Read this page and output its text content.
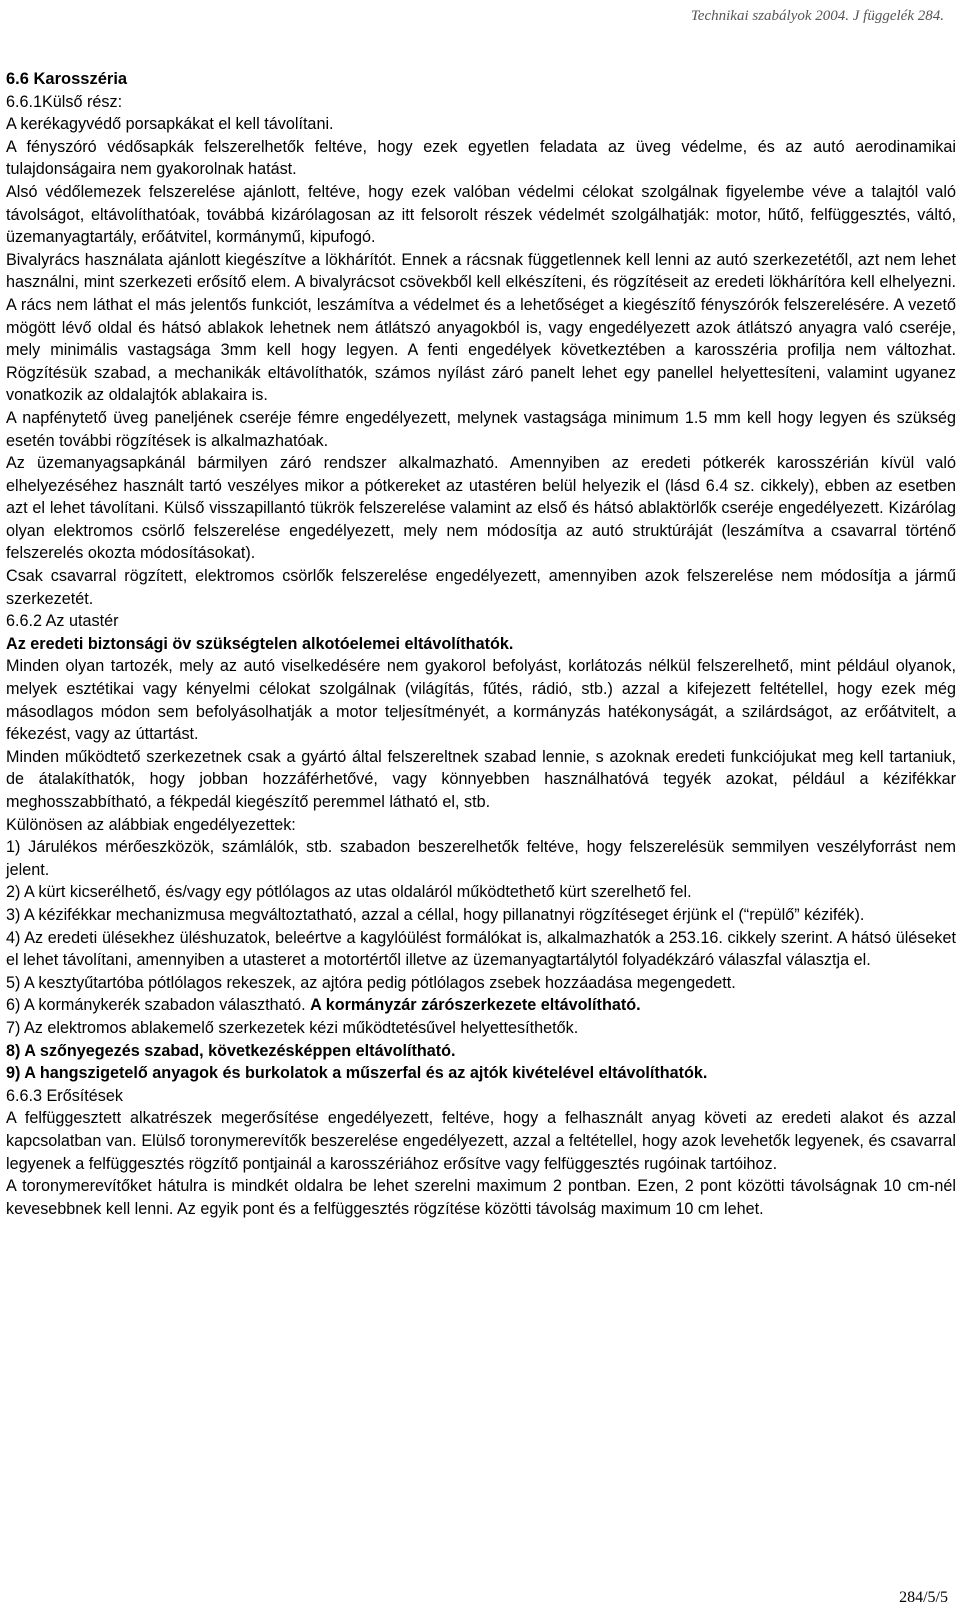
Technikai szabályok 2004. J függelék 284.

6.6 Karosszéria

6.6.1Külső rész:

A kerékagyvédő porsapkákat el kell távolítani.

A fényszóró védősapkák felszerelhetők feltéve, hogy ezek egyetlen feladata az üveg védelme, és az autó aerodinamikai tulajdonságaira nem gyakorolnak hatást.

Alsó védőlemezek felszerelése ajánlott, feltéve, hogy ezek valóban védelmi célokat szolgálnak figyelembe véve a talajtól való távolságot, eltávolíthatóak, továbbá kizárólagosan az itt felsorolt részek védelmét szolgálhatják: motor, hűtő, felfüggesztés, váltó, üzemanyagtartály, erőátvitel, kormánymű, kipufogó.

Bivalyrács használata ajánlott kiegészítve a lökhárítót. Ennek a rácsnak függetlennek kell lenni az autó szerkezetétől, azt nem lehet használni, mint szerkezeti erősítő elem. A bivalyrácsot csövekből kell elkészíteni, és rögzítéseit az eredeti lökhárítóra kell elhelyezni. A rács nem láthat el más jelentős funkciót, leszámítva a védelmet és a lehetőséget a kiegészítő fényszórók felszerelésére. A vezető mögött lévő oldal és hátsó ablakok lehetnek nem átlátszó anyagokból is, vagy engedélyezett azok átlátszó anyagra való cseréje, mely minimális vastagsága 3mm kell hogy legyen. A fenti engedélyek következtében a karosszéria profilja nem változhat. Rögzítésük szabad, a mechanikák eltávolíthatók, számos nyílást záró panelt lehet egy panellel helyettesíteni, valamint ugyanez vonatkozik az oldalajtók ablakaira is.

A napfénytető üveg paneljének cseréje fémre engedélyezett, melynek vastagsága minimum 1.5 mm kell hogy legyen és szükség esetén további rögzítések is alkalmazhatóak.

Az üzemanyagsapkánál bármilyen záró rendszer alkalmazható. Amennyiben az eredeti pótkerék karosszérián kívül való elhelyezéséhez használt tartó veszélyes mikor a pótkereket az utastéren belül helyezik el (lásd 6.4 sz. cikkely), ebben az esetben azt el lehet távolítani. Külső visszapillantó tükrök felszerelése valamint az első és hátsó ablaktörlők cseréje engedélyezett. Kizárólag olyan elektromos csörlő felszerelése engedélyezett, mely nem módosítja az autó struktúráját (leszámítva a csavarral történő felszerelés okozta módosításokat).

Csak csavarral rögzített, elektromos csörlők felszerelése engedélyezett, amennyiben azok felszerelése nem módosítja a jármű szerkezetét.

6.6.2 Az utastér

Az eredeti biztonsági öv szükségtelen alkotóelemei eltávolíthatók.

Minden olyan tartozék, mely az autó viselkedésére nem gyakorol befolyást, korlátozás nélkül felszerelhető, mint például olyanok, melyek esztétikai vagy kényelmi célokat szolgálnak (világítás, fűtés, rádió, stb.) azzal a kifejezett feltétellel, hogy ezek még másodlagos módon sem befolyásolhatják a motor teljesítményét, a kormányzás hatékonyságát, a szilárdságot, az erőátvitelt, a fékezést, vagy az úttartást.

Minden működtető szerkezetnek csak a gyártó által felszereltnek szabad lennie, s azoknak eredeti funkciójukat meg kell tartaniuk, de átalakíthatók, hogy jobban hozzáférhetővé, vagy könnyebben használhatóvá tegyék azokat, például a kézifékkar meghosszabbítható, a fékpedál kiegészítő peremmel látható el, stb.

Különösen az alábbiak engedélyezettek:

1) Járulékos mérőeszközök, számlálók, stb. szabadon beszerelhetők feltéve, hogy felszerelésük semmilyen veszélyforrást nem jelent.

2) A kürt kicserélhető, és/vagy egy pótlólagos az utas oldaláról működtethető kürt szerelhető fel.

3) A kézifékkar mechanizmusa megváltoztatható, azzal a céllal, hogy pillanatnyi rögzítéseget érjünk el (“repülő” kézifék).

4) Az eredeti ülésekhez üléshuzatok, beleértve a kagylóülést formálókat is, alkalmazhatók a 253.16. cikkely szerint. A hátsó üléseket el lehet távolítani, amennyiben a utasteret a motortértől illetve az üzemanyagtartálytól folyadékzáró válaszfal választja el.

5) A kesztyűtartóba pótlólagos rekeszek, az ajtóra pedig pótlólagos zsebek hozzáadása megengedett.

6) A kormánykerék szabadon választható. A kormányzár zárószerkezete eltávolítható.

7) Az elektromos ablakemelő szerkezetek kézi működtetésűvel helyettesíthetők.

8) A szőnyegezés szabad, következésképpen eltávolítható.

9) A hangszigetelő anyagok és burkolatok a műszerfal és az ajtók kivételével eltávolíthatók.

6.6.3 Erősítések

A felfüggesztett alkatrészek megerősítése engedélyezett, feltéve, hogy a felhasznált anyag követi az eredeti alakot és azzal kapcsolatban van. Elülső toronymerevítők beszerelése engedélyezett, azzal a feltétellel, hogy azok levehetők legyenek, és csavarral legyenek a felfüggesztés rögzítő pontjainál a karosszériához erősítve vagy felfüggesztés rugóinak tartóihoz.

A toronymerevítőket hátulra is mindkét oldalra be lehet szerelni maximum 2 pontban. Ezen, 2 pont közötti távolságnak 10 cm-nél kevesebbnek kell lenni. Az egyik pont és a felfüggesztés rögzítése közötti távolság maximum 10 cm lehet.

284/5/5
